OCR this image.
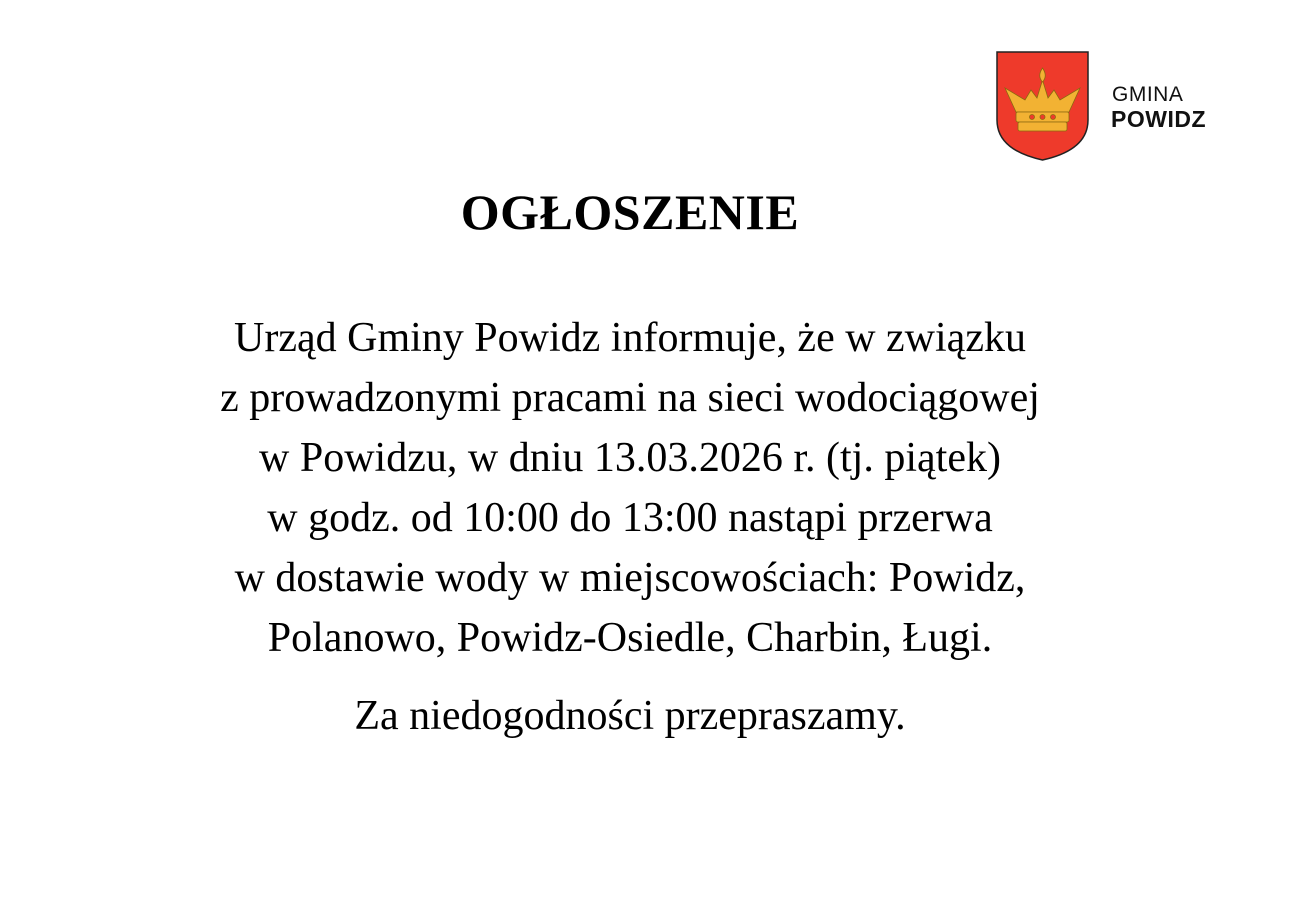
GMINA
POWIDZ
OGŁOSZENIE
Urząd Gminy Powidz informuje, że w związku
z prowadzonymi pracami na sieci wodociągowej
w Powidzu, w dniu 13.03.2026 r. (tj. piątek)
w godz. od 10:00 do 13:00 nastąpi przerwa
w dostawie wody w miejscowościach: Powidz,
Polanowo, Powidz-Osiedle, Charbin, Ługi.
Za niedogodności przepraszamy.
